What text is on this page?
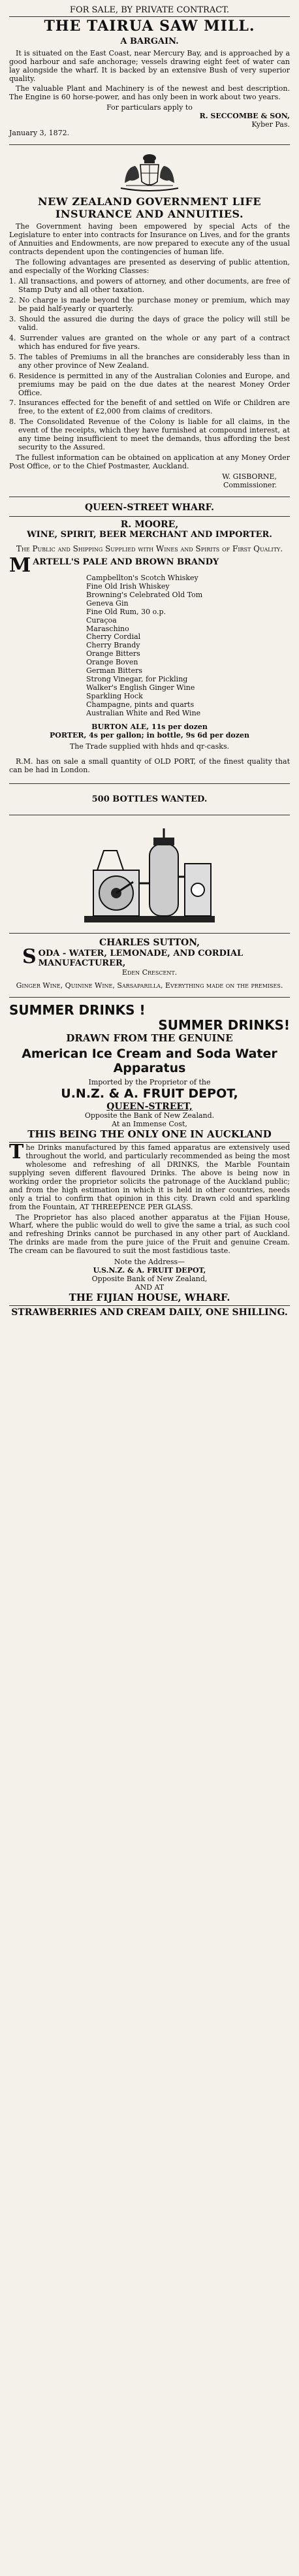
FOR SALE, BY PRIVATE CONTRACT.
THE TAIRUA SAW MILL.
A BARGAIN.

It is situated on the East Coast, near Mercury Bay, and is approached by a good harbour and safe anchorage; vessels drawing eight feet of water can lay alongside the wharf. It is backed by an extensive Bush of very superior quality.

The valuable Plant and Machinery is of the newest and best description. The Engine is 60 horse-power, and has only been in work about two years.

For particulars apply to
R. SECCOMBE & SON,
Kyber Pas.
January 3, 1872.
NEW ZEALAND GOVERNMENT LIFE INSURANCE AND ANNUITIES.

The Government having been empowered by special Acts of the Legislature to enter into contracts for Insurance on Lives, and for the grants of Annuities and Endowments, are now prepared to execute any of the usual contracts dependent upon the contingencies of human life.

The following advantages are presented as deserving of public attention, and especially of the Working Classes:

1. All transactions, and powers of attorney, and other documents, are free of Stamp Duty and all other taxation.

2. No charge is made beyond the purchase money or premium, which may be paid half-yearly or quarterly.

3. Should the assured die during the days of grace the policy will still be valid.

4. Surrender values are granted on the whole or any part of a contract which has endured for five years.

5. The tables of Premiums in all the branches are considerably less than in any other province of New Zealand.

6. Residence is permitted in any of the Australian Colonies and Europe, and premiums may be paid on the due dates at the nearest Money Order Office.

7. Insurances effected for the benefit of and settled on Wife or Children are free, to the extent of £2,000 from claims of creditors.

8. The Consolidated Revenue of the Colony is liable for all claims, in the event of the receipts, which they have furnished at compound interest, at any time being insufficient to meet the demands, thus affording the best security to the Assured.

The fullest information can be obtained on application at any Money Order Post Office, or to the Chief Postmaster, Auckland.

W. GISBORNE,
Commissioner.
QUEEN-STREET WHARF.
R. MOORE,
WINE, SPIRIT, BEER MERCHANT AND IMPORTER.
The Public and Shipping Supplied with Wines and Spirits of First Quality.
MARTELL'S PALE AND BROWN BRANDY
Campbellton's Scotch Whiskey
Fine Old Irish Whiskey
Browning's Celebrated Old Tom
Geneva Gin
Fine Old Rum, 30 o.p.
Curaçoa
Maraschino
Cherry Cordial
Cherry Brandy
Orange Bitters
Orange Boven
German Bitters
Strong Vinegar, for Pickling
Walker's English Ginger Wine
Sparkling Hock
Champagne, pints and quarts
Australian White and Red Wine
BURTON ALE, 11s per dozen
PORTER, 4s per gallon; in bottle, 9s 6d per dozen
The Trade supplied with hhds and qr-casks.

R.M. has on sale a small quantity of OLD PORT, of the finest quality that can be had in London.

500 BOTTLES WANTED.
CHARLES SUTTON,
SODA - WATER, LEMONADE, AND CORDIAL MANUFACTURER,
Eden Crescent.
Ginger Wine, Quinine Wine, Sarsaparilla, Everything made on the premises.
SUMMER DRINKS !
SUMMER DRINKS!
DRAWN FROM THE GENUINE
American Ice Cream and Soda Water Apparatus
Imported by the Proprietor of the
U.N.Z. & A. FRUIT DEPOT,
QUEEN-STREET,
Opposite the Bank of New Zealand.
At an Immense Cost,
THIS BEING THE ONLY ONE IN AUCKLAND

The Drinks manufactured by this famed apparatus are extensively used throughout the world, and particularly recommended as being the most wholesome and refreshing of all DRINKS, the Marble Fountain supplying seven different flavoured Drinks. The above is being now in working order the proprietor solicits the patronage of the Auckland public; and from the high estimation in which it is held in other countries, needs only a trial to confirm that opinion in this city. Drawn cold and sparkling from the Fountain, AT THREEPENCE PER GLASS.

The Proprietor has also placed another apparatus at the Fijian House, Wharf, where the public would do well to give the same a trial, as such cool and refreshing Drinks cannot be purchased in any other part of Auckland. The drinks are made from the pure juice of the Fruit and genuine Cream. The cream can be flavoured to suit the most fastidious taste.

Note the Address—
U.S.N.Z. & A. FRUIT DEPOT,
Opposite Bank of New Zealand,
AND AT
THE FIJIAN HOUSE, WHARF.
STRAWBERRIES AND CREAM DAILY, ONE SHILLING.
